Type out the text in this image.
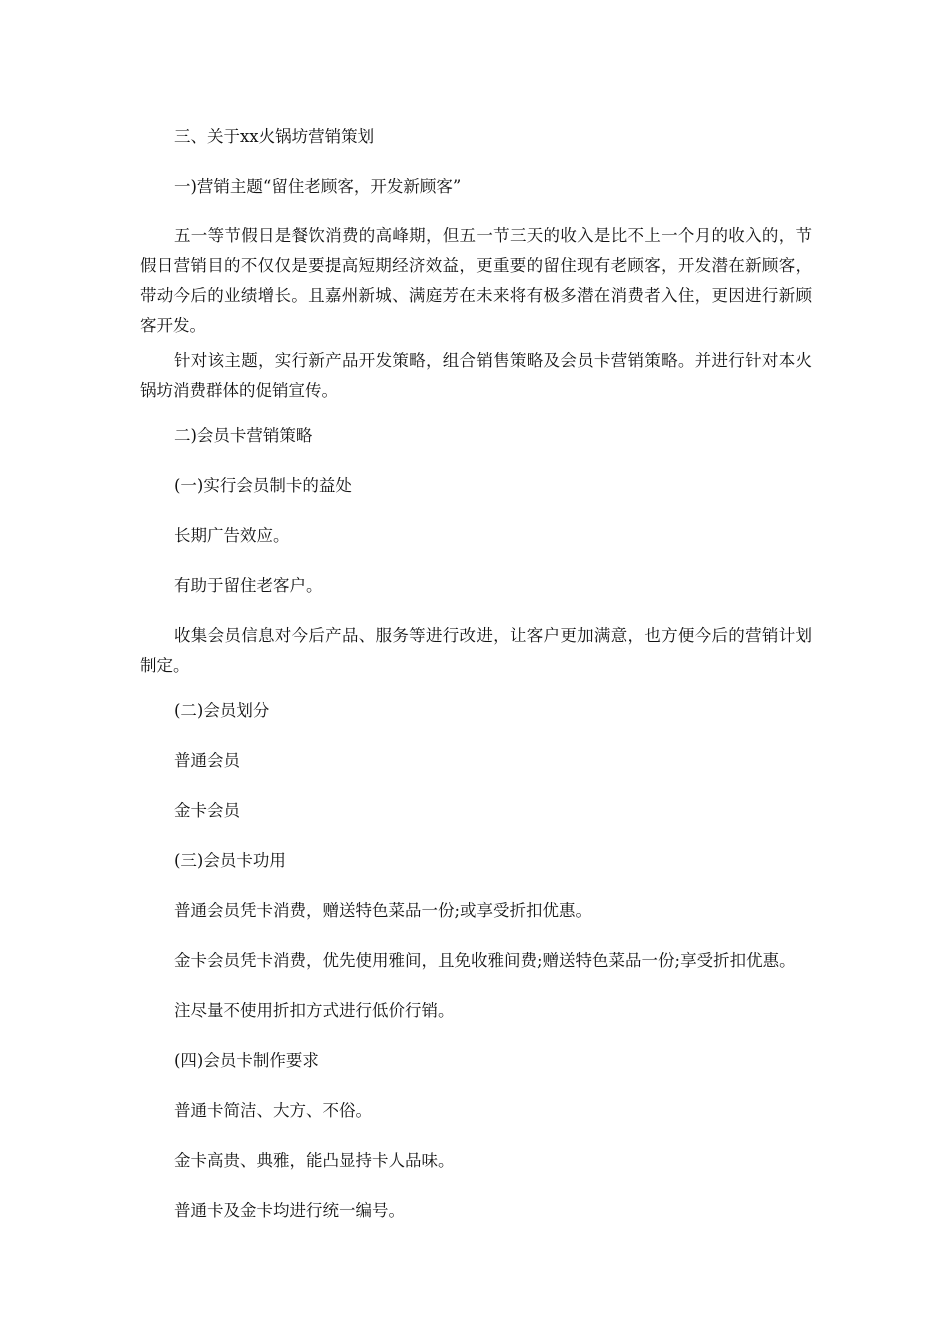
三、关于xx火锅坊营销策划

一)营销主题“留住老顾客，开发新顾客”

五一等节假日是餐饮消费的高峰期，但五一节三天的收入是比不上一个月的收入的，节假日营销目的不仅仅是要提高短期经济效益，更重要的留住现有老顾客，开发潜在新顾客，带动今后的业绩增长。且嘉州新城、满庭芳在未来将有极多潜在消费者入住，更因进行新顾客开发。

针对该主题，实行新产品开发策略，组合销售策略及会员卡营销策略。并进行针对本火锅坊消费群体的促销宣传。

二)会员卡营销策略

(一)实行会员制卡的益处

长期广告效应。

有助于留住老客户。

收集会员信息对今后产品、服务等进行改进，让客户更加满意，也方便今后的营销计划制定。

(二)会员划分

普通会员

金卡会员

(三)会员卡功用

普通会员凭卡消费，赠送特色菜品一份;或享受折扣优惠。

金卡会员凭卡消费，优先使用雅间，且免收雅间费;赠送特色菜品一份;享受折扣优惠。

注尽量不使用折扣方式进行低价行销。

(四)会员卡制作要求

普通卡简洁、大方、不俗。

金卡高贵、典雅，能凸显持卡人品味。

普通卡及金卡均进行统一编号。
